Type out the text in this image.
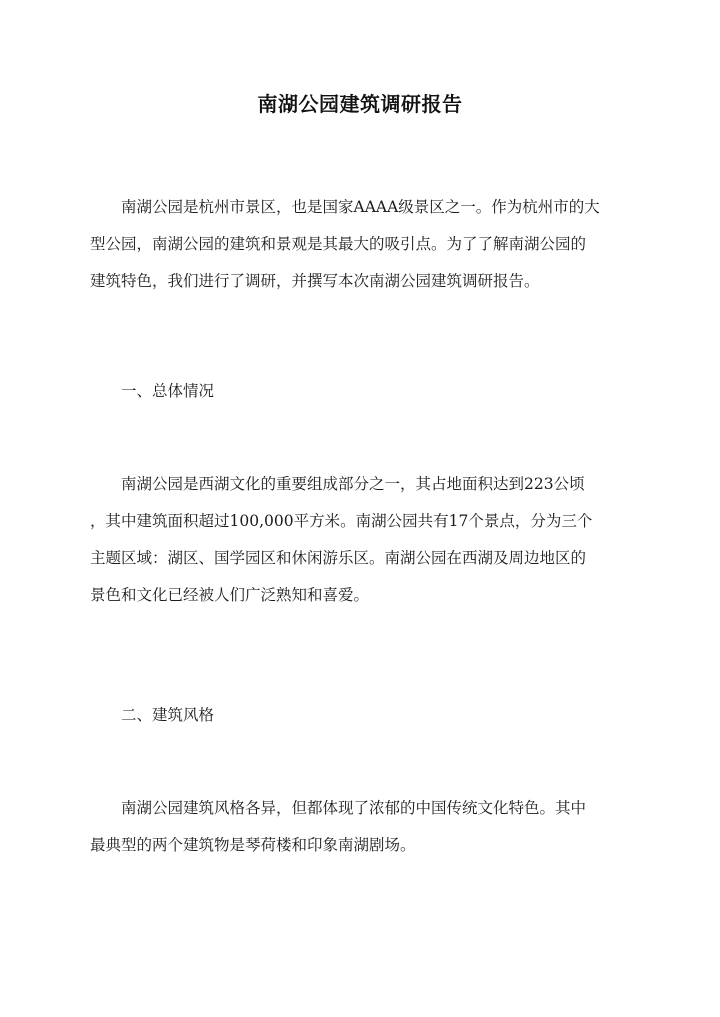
南湖公园建筑调研报告
南湖公园是杭州市景区，也是国家AAAA级景区之一。作为杭州市的大
型公园，南湖公园的建筑和景观是其最大的吸引点。为了了解南湖公园的
建筑特色，我们进行了调研，并撰写本次南湖公园建筑调研报告。
一、总体情况
南湖公园是西湖文化的重要组成部分之一，其占地面积达到223公顷
，其中建筑面积超过100,000平方米。南湖公园共有17个景点，分为三个
主题区域：湖区、国学园区和休闲游乐区。南湖公园在西湖及周边地区的
景色和文化已经被人们广泛熟知和喜爱。
二、建筑风格
南湖公园建筑风格各异，但都体现了浓郁的中国传统文化特色。其中
最典型的两个建筑物是琴荷楼和印象南湖剧场。
